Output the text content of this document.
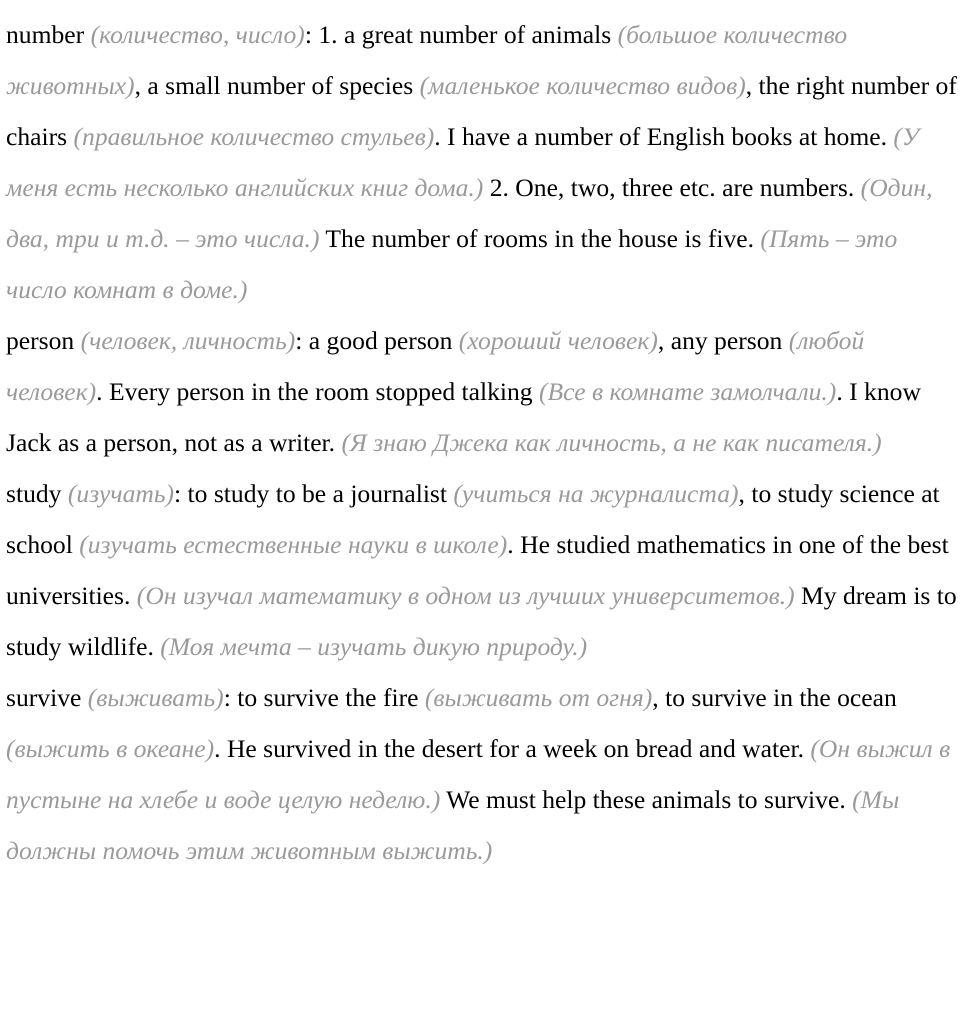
number (количество, число): 1. a great number of animals (большое количество животных), a small number of species (маленькое количество видов), the right number of chairs (правильное количество стульев). I have a number of English books at home. (У меня есть несколько английских книг дома.) 2. One, two, three etc. are numbers. (Один, два, три и т.д. – это числа.) The number of rooms in the house is five. (Пять – это число комнат в доме.)

person (человек, личность): a good person (хороший человек), any person (любой человек). Every person in the room stopped talking (Все в комнате замолчали.). I know Jack as a person, not as a writer. (Я знаю Джека как личность, а не как писателя.)

study (изучать): to study to be a journalist (учиться на журналиста), to study science at school (изучать естественные науки в школе). He studied mathematics in one of the best universities. (Он изучал математику в одном из лучших университетов.) My dream is to study wildlife. (Моя мечта – изучать дикую природу.)

survive (выживать): to survive the fire (выживать от огня), to survive in the ocean (выжить в океане). He survived in the desert for a week on bread and water. (Он выжил в пустыне на хлебе и воде целую неделю.) We must help these animals to survive. (Мы должны помочь этим животным выжить.)
